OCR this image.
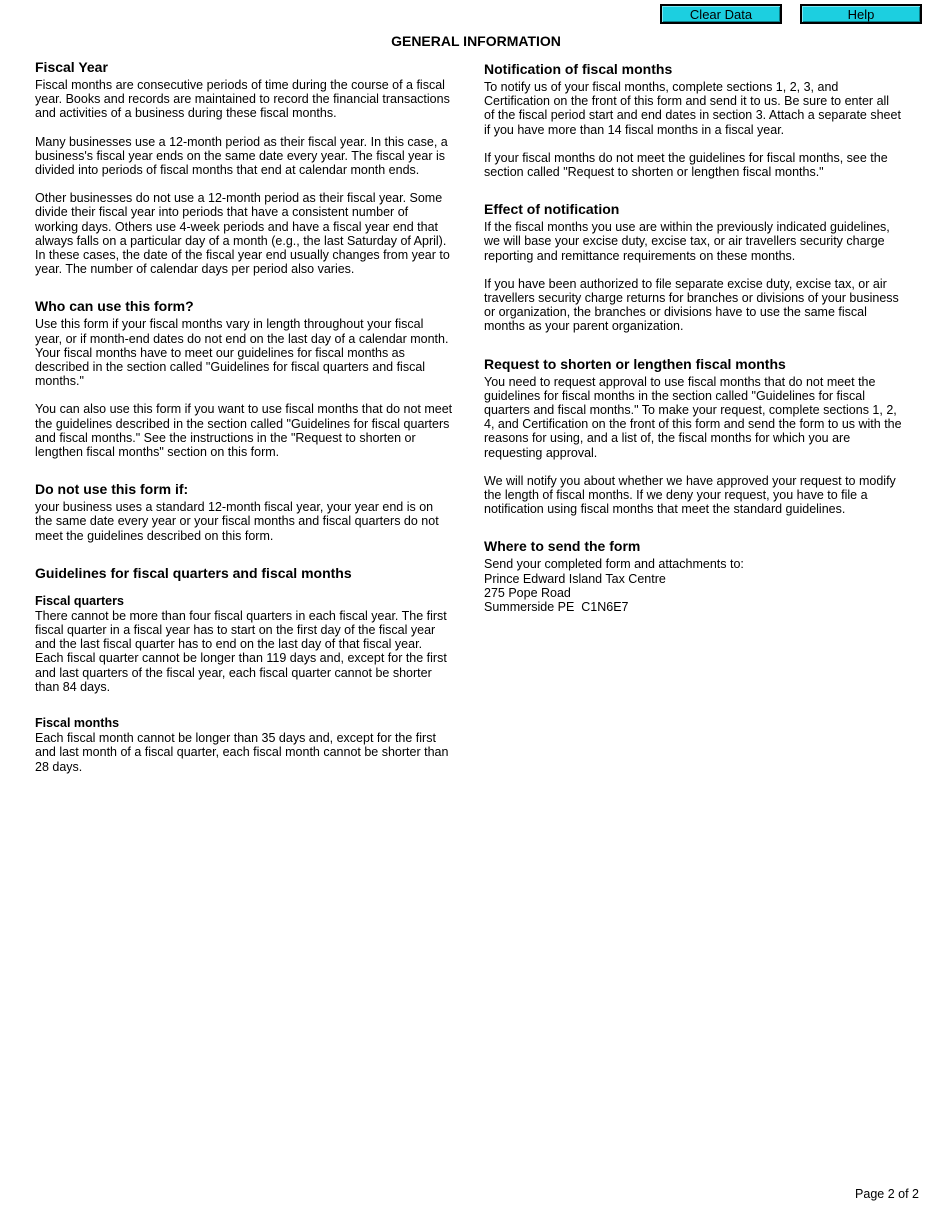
Clear Data	Help
GENERAL INFORMATION
Fiscal Year

Fiscal months are consecutive periods of time during the course of a fiscal year. Books and records are maintained to record the financial transactions and activities of a business during these fiscal months.

Many businesses use a 12-month period as their fiscal year. In this case, a business's fiscal year ends on the same date every year. The fiscal year is divided into periods of fiscal months that end at calendar month ends.

Other businesses do not use a 12-month period as their fiscal year. Some divide their fiscal year into periods that have a consistent number of working days. Others use 4-week periods and have a fiscal year end that always falls on a particular day of a month (e.g., the last Saturday of April). In these cases, the date of the fiscal year end usually changes from year to year. The number of calendar days per period also varies.

Who can use this form?

Use this form if your fiscal months vary in length throughout your fiscal year, or if month-end dates do not end on the last day of a calendar month. Your fiscal months have to meet our guidelines for fiscal months as described in the section called "Guidelines for fiscal quarters and fiscal months."

You can also use this form if you want to use fiscal months that do not meet the guidelines described in the section called "Guidelines for fiscal quarters and fiscal months." See the instructions in the "Request to shorten or lengthen fiscal months" section on this form.

Do not use this form if:

your business uses a standard 12-month fiscal year, your year end is on the same date every year or your fiscal months and fiscal quarters do not meet the guidelines described on this form.

Guidelines for fiscal quarters and fiscal months
Fiscal quarters

There cannot be more than four fiscal quarters in each fiscal year. The first fiscal quarter in a fiscal year has to start on the first day of the fiscal year and the last fiscal quarter has to end on the last day of that fiscal year. Each fiscal quarter cannot be longer than 119 days and, except for the first and last quarters of the fiscal year, each fiscal quarter cannot be shorter than 84 days.

Fiscal months

Each fiscal month cannot be longer than 35 days and, except for the first and last month of a fiscal quarter, each fiscal month cannot be shorter than 28 days.

Notification of fiscal months

To notify us of your fiscal months, complete sections 1, 2, 3, and Certification on the front of this form and send it to us. Be sure to enter all of the fiscal period start and end dates in section 3. Attach a separate sheet if you have more than 14 fiscal months in a fiscal year.

If your fiscal months do not meet the guidelines for fiscal months, see the section called "Request to shorten or lengthen fiscal months."

Effect of notification

If the fiscal months you use are within the previously indicated guidelines, we will base your excise duty, excise tax, or air travellers security charge reporting and remittance requirements on these months.

If you have been authorized to file separate excise duty, excise tax, or air travellers security charge returns for branches or divisions of your business or organization, the branches or divisions have to use the same fiscal months as your parent organization.

Request to shorten or lengthen fiscal months

You need to request approval to use fiscal months that do not meet the guidelines for fiscal months in the section called "Guidelines for fiscal quarters and fiscal months." To make your request, complete sections 1, 2, 4, and Certification on the front of this form and send the form to us with the reasons for using, and a list of, the fiscal months for which you are requesting approval.

We will notify you about whether we have approved your request to modify the length of fiscal months. If we deny your request, you have to file a notification using fiscal months that meet the standard guidelines.

Where to send the form

Send your completed form and attachments to:

Prince Edward Island Tax Centre

275 Pope Road

Summerside PE  C1N6E7

Page 2 of 2
